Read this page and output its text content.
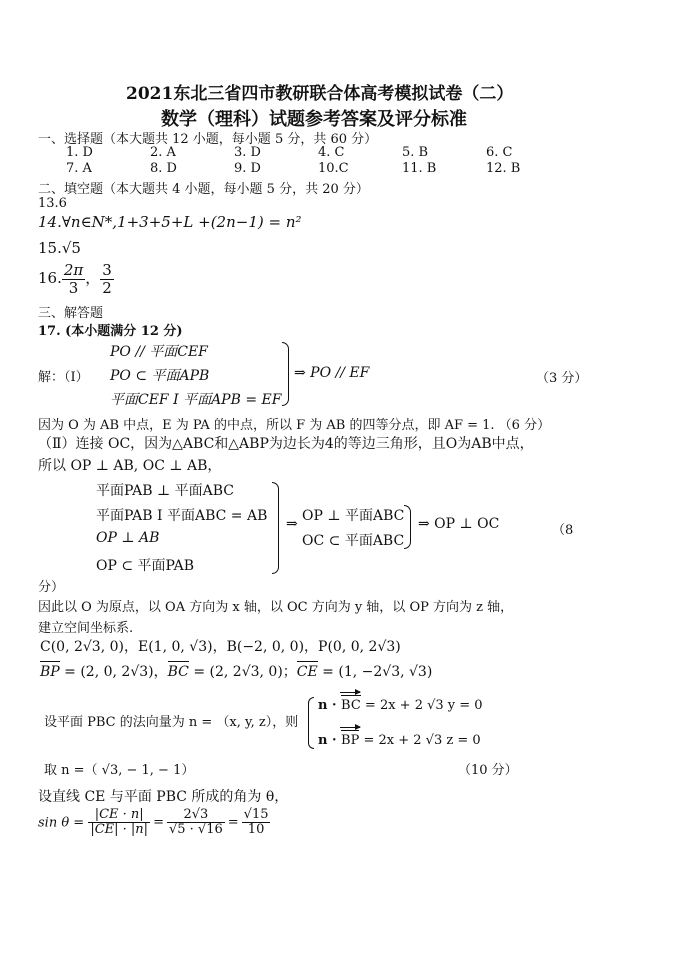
2021东北三省四市教研联合体高考模拟试卷（二）
数学（理科）试题参考答案及评分标准
一、选择题（本大题共 12 小题，每小题 5 分，共 60 分）
1. D	2. A	3. D	4. C	5. B	6. C
7. A	8. D	9. D	10.C	11. B	12. B
二、填空题（本大题共 4 小题，每小题 5 分，共 20 分）
13.6
14.∀n∈N*,1+3+5+L +(2n−1) = n²
15.√5
16. $\frac{2\pi}{3}$ ， $\frac{3}{2}$
三、解答题
17. (本小题满分 12 分)
解：（Ⅰ）
PO // 平面CEF
PO ⊂ 平面APB
平面CEF I 平面APB = EF
⇒ PO // EF	（3 分）
因为 O 为 AB 中点，E 为 PA 的中点，所以 F 为 AB 的四等分点，即 AF = 1. （6 分）
（Ⅱ）连接 OC，因为△ABC和△ABP为边长为4的等边三角形，且O为AB中点，
所以 OP ⊥ AB, OC ⊥ AB，
平面PAB ⊥ 平面ABC
平面PAB I 平面ABC = AB
OP ⊥ AB
OP ⊂ 平面PAB
⇒ OP ⊥ 平面ABC
OC ⊂ 平面ABC
⇒ OP ⊥ OC	（8
分）
因此以 O 为原点，以 OA 方向为 x 轴，以 OC 方向为 y 轴，以 OP 方向为 z 轴，
建立空间坐标系.
C(0, 2√3, 0)，E(1, 0, √3)，B(−2, 0, 0)，P(0, 0, 2√3)
BP = (2, 0, 2√3)，BC = (2, 2√3, 0)；CE = (1, −2√3, √3)
设平面 PBC 的法向量为 n = （x, y, z），则
n · BC = 2x + 2 √3 y = 0
n · BP = 2x + 2 √3 z = 0
取 n =（ √3, − 1, − 1）	（10 分）
设直线 CE 与平面 PBC 所成的角为 θ，
$\sin \theta = \frac{|CE \cdot n|}{|CE| \cdot |n|} = \frac{2√3}{√5 \cdot √16} = \frac{√15}{10}$
